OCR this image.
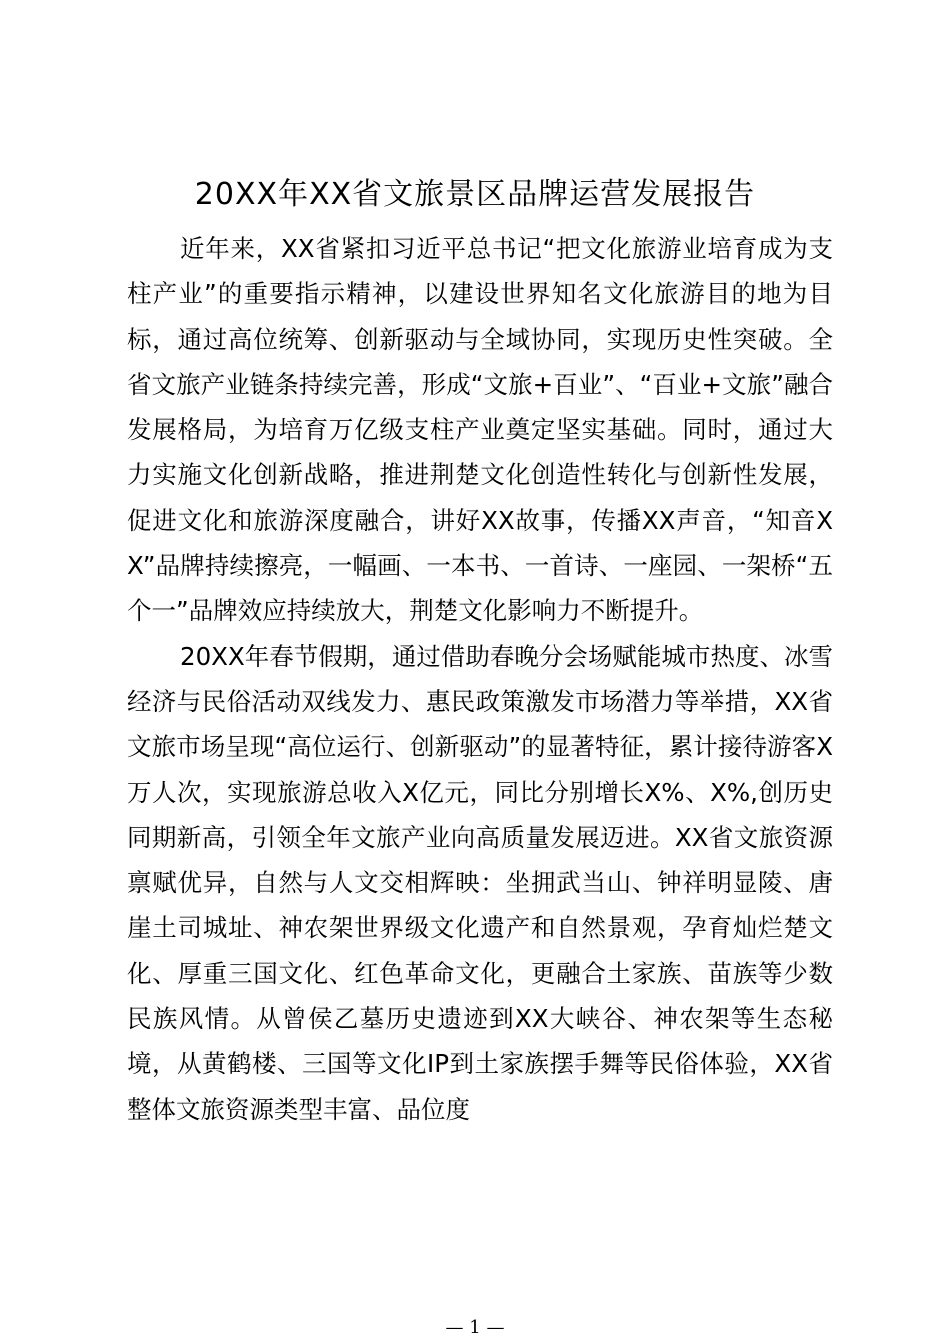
20XX年XX省文旅景区品牌运营发展报告

近年来，XX省紧扣习近平总书记“把文化旅游业培育成为支柱产业”的重要指示精神，以建设世界知名文化旅游目的地为目标，通过高位统筹、创新驱动与全域协同，实现历史性突破。全省文旅产业链条持续完善，形成“文旅+百业”、“百业+文旅”融合发展格局，为培育万亿级支柱产业奠定坚实基础。同时，通过大力实施文化创新战略，推进荆楚文化创造性转化与创新性发展，促进文化和旅游深度融合，讲好XX故事，传播XX声音，“知音XX”品牌持续擦亮，一幅画、一本书、一首诗、一座园、一架桥“五个一”品牌效应持续放大，荆楚文化影响力不断提升。

20XX年春节假期，通过借助春晚分会场赋能城市热度、冰雪经济与民俗活动双线发力、惠民政策激发市场潜力等举措，XX省文旅市场呈现“高位运行、创新驱动”的显著特征，累计接待游客X万人次，实现旅游总收入X亿元，同比分别增长X%、X%,创历史同期新高，引领全年文旅产业向高质量发展迈进。XX省文旅资源禀赋优异，自然与人文交相辉映：坐拥武当山、钟祥明显陵、唐崖土司城址、神农架世界级文化遗产和自然景观，孕育灿烂楚文化、厚重三国文化、红色革命文化，更融合土家族、苗族等少数民族风情。从曾侯乙墓历史遗迹到XX大峡谷、神农架等生态秘境，从黄鹤楼、三国等文化IP到土家族摆手舞等民俗体验，XX省整体文旅资源类型丰富、品位度

— 1 —
